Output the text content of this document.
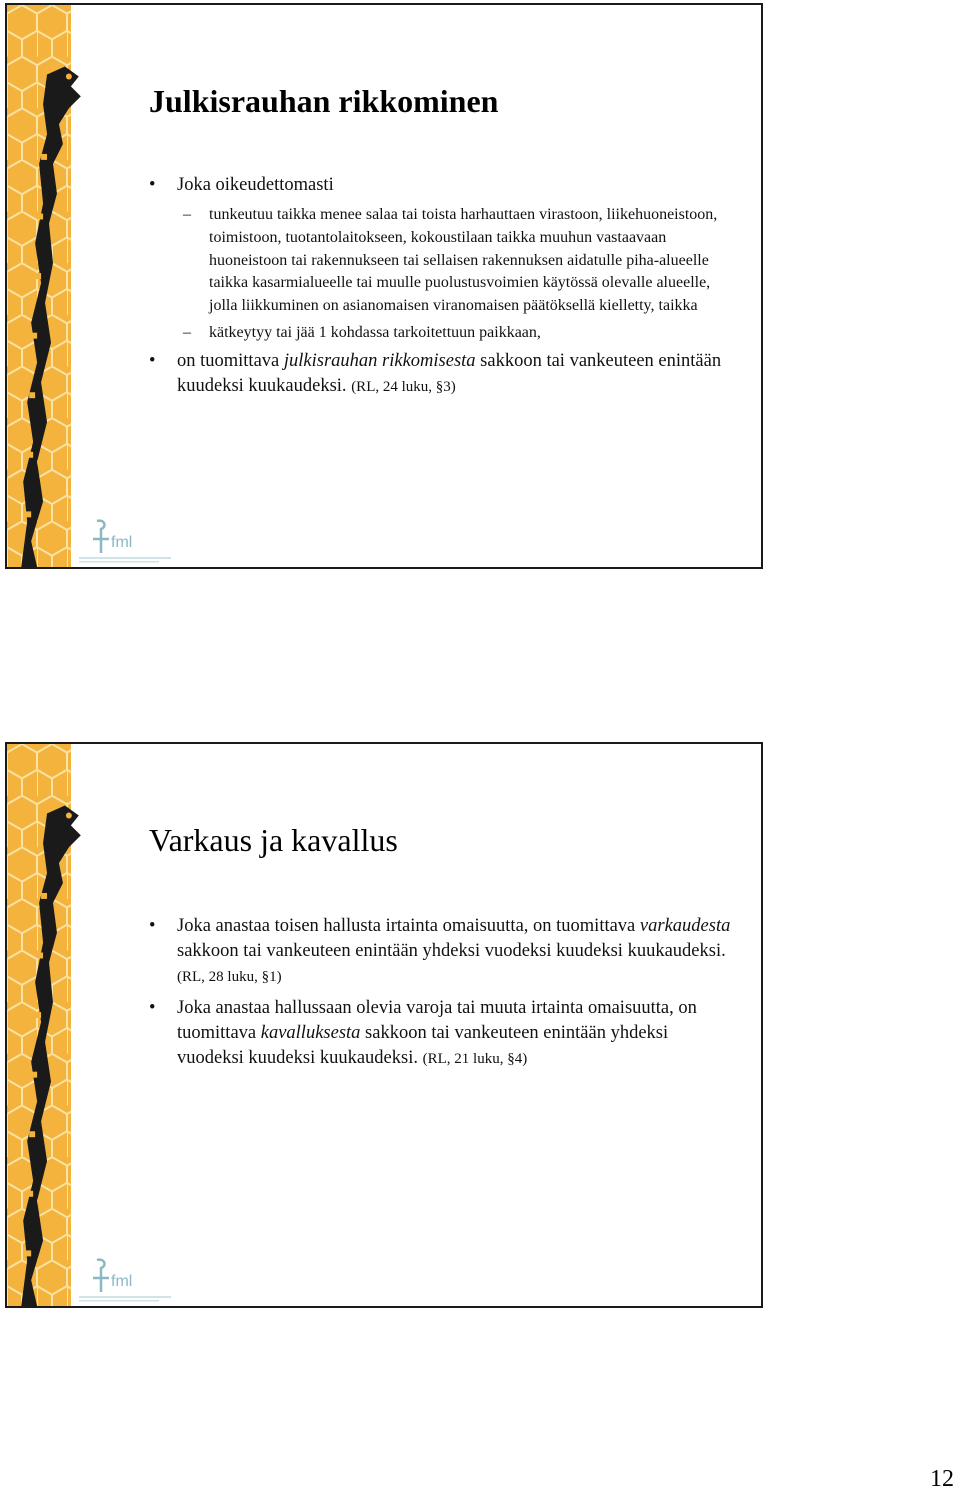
fml
Julkisrauhan rikkominen
• Joka oikeudettomasti
– tunkeutuu taikka menee salaa tai toista harhauttaen virastoon, liikehuoneistoon, toimistoon, tuotantolaitokseen, kokoustilaan taikka muuhun vastaavaan huoneistoon tai rakennukseen tai sellaisen rakennuksen aidatulle piha-alueelle taikka kasarmialueelle tai muulle puolustusvoimien käytössä olevalle alueelle, jolla liikkuminen on asianomaisen viranomaisen päätöksellä kielletty, taikka
– kätkeytyy tai jää 1 kohdassa tarkoitettuun paikkaan,
• on tuomittava julkisrauhan rikkomisesta sakkoon tai vankeuteen enintään kuudeksi kuukaudeksi. (RL, 24 luku, §3)
fml
Varkaus ja kavallus
• Joka anastaa toisen hallusta irtainta omaisuutta, on tuomittava varkaudesta sakkoon tai vankeuteen enintään yhdeksi vuodeksi kuudeksi kuukaudeksi. (RL, 28 luku, §1)
• Joka anastaa hallussaan olevia varoja tai muuta irtainta omaisuutta, on tuomittava kavalluksesta sakkoon tai vankeuteen enintään yhdeksi vuodeksi kuudeksi kuukaudeksi. (RL, 21 luku, §4)
12
